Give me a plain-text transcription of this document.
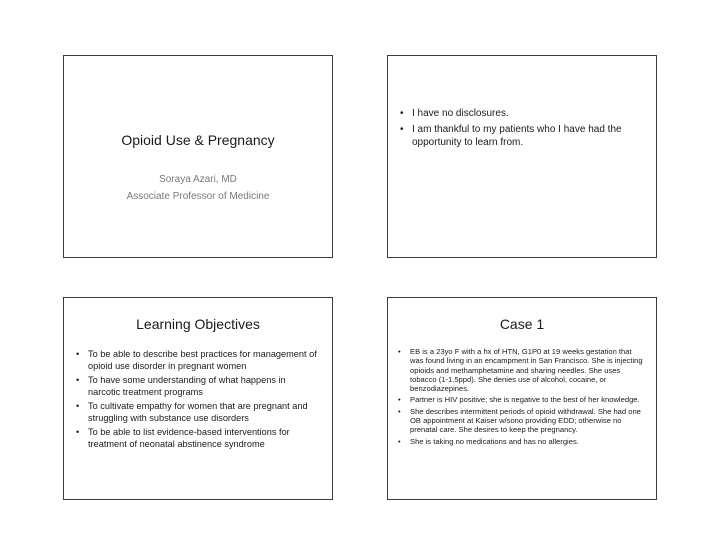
Opioid Use & Pregnancy
Soraya Azari, MD
Associate Professor of Medicine
• I have no disclosures.
• I am thankful to my patients who I have had the opportunity to learn from.
Learning Objectives
• To be able to describe best practices for management of opioid use disorder in pregnant women
• To have some understanding of what happens in narcotic treatment programs
• To cultivate empathy for women that are pregnant and struggling with substance use disorders
• To be able to list evidence-based interventions for treatment of neonatal abstinence syndrome
Case 1
• EB is a 23yo F with a hx of HTN, G1P0 at 19 weeks gestation that was found living in an encampment in San Francisco. She is injecting opioids and methamphetamine and sharing needles. She uses tobacco (1-1.5ppd). She denies use of alcohol, cocaine, or benzodiazepines.
• Partner is HIV positive; she is negative to the best of her knowledge.
• She describes intermittent periods of opioid withdrawal. She had one OB appointment at Kaiser w/sono providing EDD; otherwise no prenatal care. She desires to keep the pregnancy.
• She is taking no medications and has no allergies.
